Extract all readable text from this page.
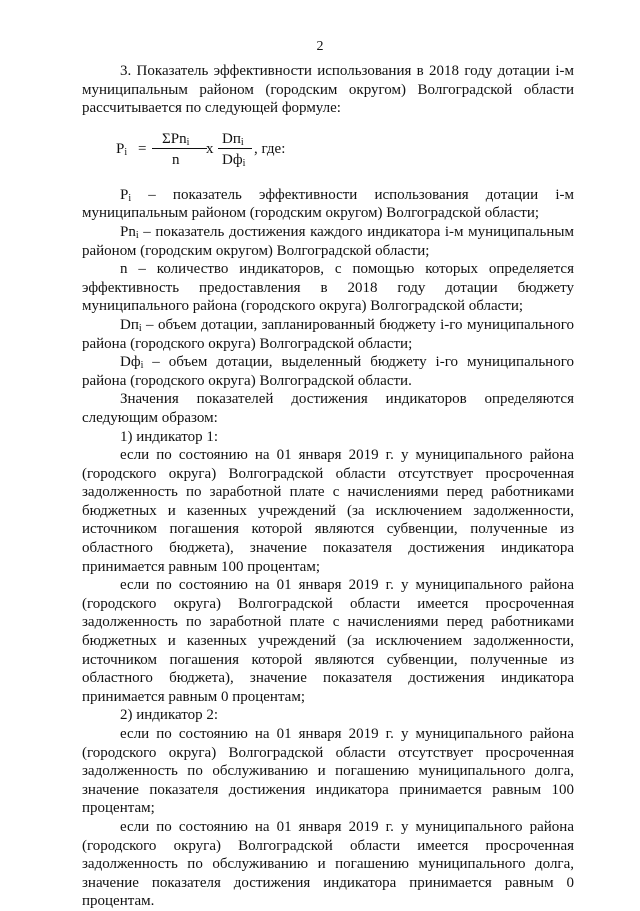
2

3. Показатель эффективности использования в 2018 году дотации i-м муниципальным районом (городским округом) Волгоградской области рассчитывается по следующей формуле:

$P_i$ =
ΣPn$_i$
n
x
$Dп_i$
$Dф_i$
, где:

$P_i$ – показатель эффективности использования дотации i-м муниципальным районом (городским округом) Волгоградской области;

$Pn_i$ – показатель достижения каждого индикатора i-м муниципальным районом (городским округом) Волгоградской области;

n – количество индикаторов, с помощью которых определяется эффективность предоставления в 2018 году дотации бюджету муниципального района (городского округа) Волгоградской области;

$Dп_i$ – объем дотации, запланированный бюджету i-го муниципального района (городского округа) Волгоградской области;

$Dф_i$ – объем дотации, выделенный бюджету i-го муниципального района (городского округа) Волгоградской области.

Значения показателей достижения индикаторов определяются следующим образом:

1) индикатор 1:

если по состоянию на 01 января 2019 г. у муниципального района (городского округа) Волгоградской области отсутствует просроченная задолженность по заработной плате с начислениями перед работниками бюджетных и казенных учреждений (за исключением задолженности, источником погашения которой являются субвенции, полученные из областного бюджета), значение показателя достижения индикатора принимается равным 100 процентам;

если по состоянию на 01 января 2019 г. у муниципального района (городского округа) Волгоградской области имеется просроченная задолженность по заработной плате с начислениями перед работниками бюджетных и казенных учреждений (за исключением задолженности, источником погашения которой являются субвенции, полученные из областного бюджета), значение показателя достижения индикатора принимается равным 0 процентам;

2) индикатор 2:

если по состоянию на 01 января 2019 г. у муниципального района (городского округа) Волгоградской области отсутствует просроченная задолженность по обслуживанию и погашению муниципального долга, значение показателя достижения индикатора принимается равным 100 процентам;

если по состоянию на 01 января 2019 г. у муниципального района (городского округа) Волгоградской области имеется просроченная задолженность по обслуживанию и погашению муниципального долга, значение показателя достижения индикатора принимается равным 0 процентам.
